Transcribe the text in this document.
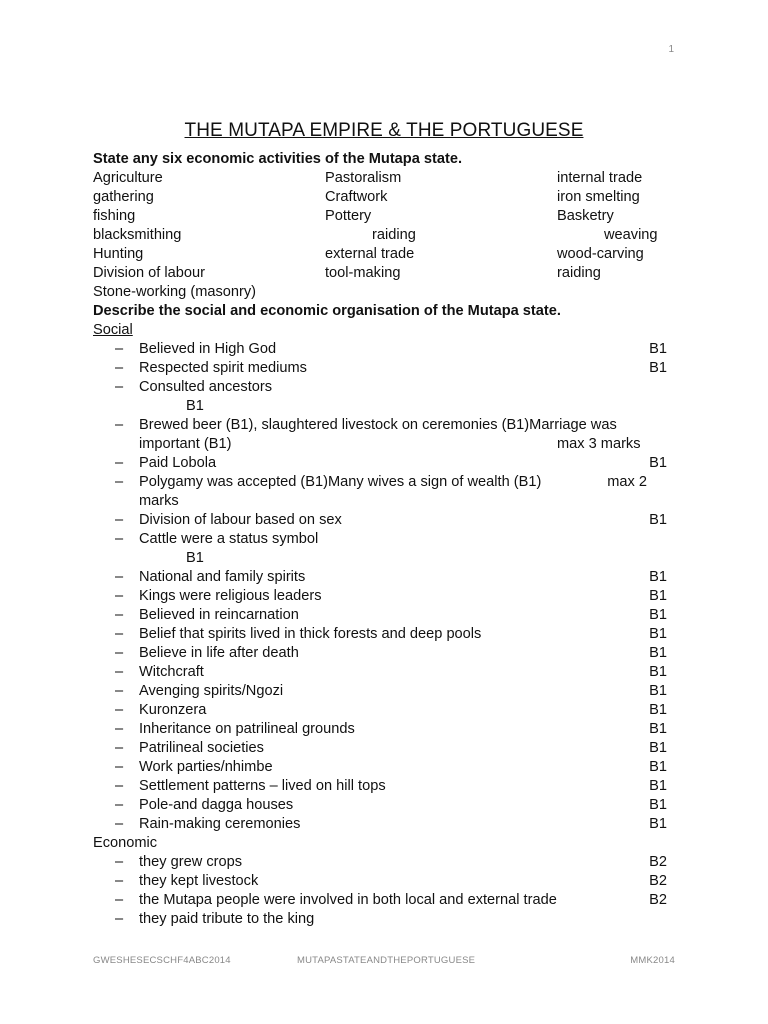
1
THE MUTAPA EMPIRE & THE PORTUGUESE
State any six economic activities of the Mutapa state.
Agriculture	Pastoralism	internal trade
gathering	Craftwork	iron smelting
fishing	Pottery	Basketry
blacksmithing	raiding	weaving
Hunting	external trade	wood-carving
Division of labour	tool-making	raiding
Stone-working (masonry)
Describe the social and economic organisation of the Mutapa state.
Social
– Believed in High God	B1
– Respected spirit mediums	B1
– Consulted ancestors
B1
– Brewed beer (B1), slaughtered livestock on ceremonies (B1)Marriage was
important (B1)	max 3 marks
– Paid Lobola	B1
– Polygamy was accepted (B1)Many wives a sign of wealth (B1)	max 2

marks
– Division of labour based on sex	B1
– Cattle were a status symbol
B1
– National and family spirits	B1
– Kings were religious leaders	B1
– Believed in reincarnation	B1
– Belief that spirits lived in thick forests and deep pools	B1
– Believe in life after death	B1
– Witchcraft	B1
– Avenging spirits/Ngozi	B1
– Kuronzera	B1
– Inheritance on patrilineal grounds	B1
– Patrilineal societies	B1
– Work parties/nhimbe	B1
– Settlement patterns – lived on hill tops	B1
– Pole-and dagga houses	B1
– Rain-making ceremonies	B1
Economic
– they grew crops	B2
– they kept livestock	B2
– the Mutapa people were involved in both local and external trade	B2
– they paid tribute to the king
GWESHESECSCHF4ABC2014	MUTAPASTATEANDTHEPORTUGUESE	MMK2014
